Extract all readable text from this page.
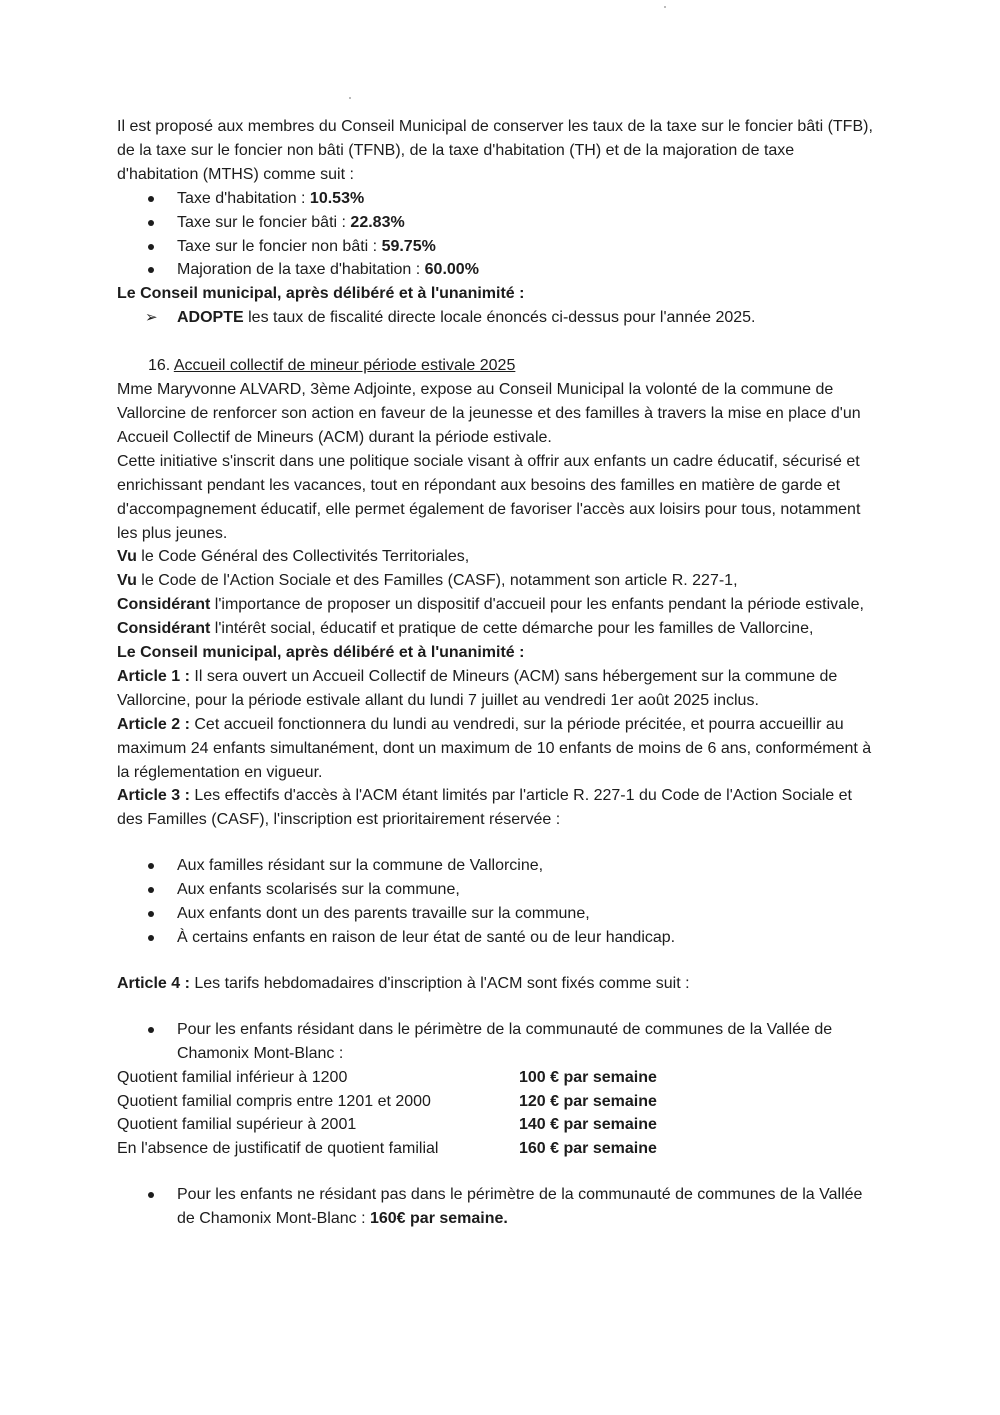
Il est proposé aux membres du Conseil Municipal de conserver les taux de la taxe sur le foncier bâti (TFB), de la taxe sur le foncier non bâti (TFNB), de la taxe d'habitation (TH) et de la majoration de taxe d'habitation (MTHS) comme suit :

Taxe d'habitation : 10.53%
Taxe sur le foncier bâti : 22.83%
Taxe sur le foncier non bâti : 59.75%
Majoration de la taxe d'habitation : 60.00%

Le Conseil municipal, après délibéré et à l'unanimité :

➢ ADOPTE les taux de fiscalité directe locale énoncés ci-dessus pour l'année 2025.

16. Accueil collectif de mineur période estivale 2025

Mme Maryvonne ALVARD, 3ème Adjointe, expose au Conseil Municipal la volonté de la commune de Vallorcine de renforcer son action en faveur de la jeunesse et des familles à travers la mise en place d'un Accueil Collectif de Mineurs (ACM) durant la période estivale.

Cette initiative s'inscrit dans une politique sociale visant à offrir aux enfants un cadre éducatif, sécurisé et enrichissant pendant les vacances, tout en répondant aux besoins des familles en matière de garde et d'accompagnement éducatif, elle permet également de favoriser l'accès aux loisirs pour tous, notamment les plus jeunes.

Vu le Code Général des Collectivités Territoriales,

Vu le Code de l'Action Sociale et des Familles (CASF), notamment son article R. 227-1,

Considérant l'importance de proposer un dispositif d'accueil pour les enfants pendant la période estivale,

Considérant l'intérêt social, éducatif et pratique de cette démarche pour les familles de Vallorcine,

Le Conseil municipal, après délibéré et à l'unanimité :

Article 1 : Il sera ouvert un Accueil Collectif de Mineurs (ACM) sans hébergement sur la commune de Vallorcine, pour la période estivale allant du lundi 7 juillet au vendredi 1er août 2025 inclus.

Article 2 : Cet accueil fonctionnera du lundi au vendredi, sur la période précitée, et pourra accueillir au maximum 24 enfants simultanément, dont un maximum de 10 enfants de moins de 6 ans, conformément à la réglementation en vigueur.

Article 3 : Les effectifs d'accès à l'ACM étant limités par l'article R. 227-1 du Code de l'Action Sociale et des Familles (CASF), l'inscription est prioritairement réservée :

Aux familles résidant sur la commune de Vallorcine,
Aux enfants scolarisés sur la commune,
Aux enfants dont un des parents travaille sur la commune,
À certains enfants en raison de leur état de santé ou de leur handicap.

Article 4 : Les tarifs hebdomadaires d'inscription à l'ACM sont fixés comme suit :

Pour les enfants résidant dans le périmètre de la communauté de communes de la Vallée de Chamonix Mont-Blanc :
Quotient familial inférieur à 1200	100 € par semaine
Quotient familial compris entre 1201 et 2000	120 € par semaine
Quotient familial supérieur à 2001	140 € par semaine
En l'absence de justificatif de quotient familial	160 € par semaine
Pour les enfants ne résidant pas dans le périmètre de la communauté de communes de la Vallée de Chamonix Mont-Blanc : 160€ par semaine.
